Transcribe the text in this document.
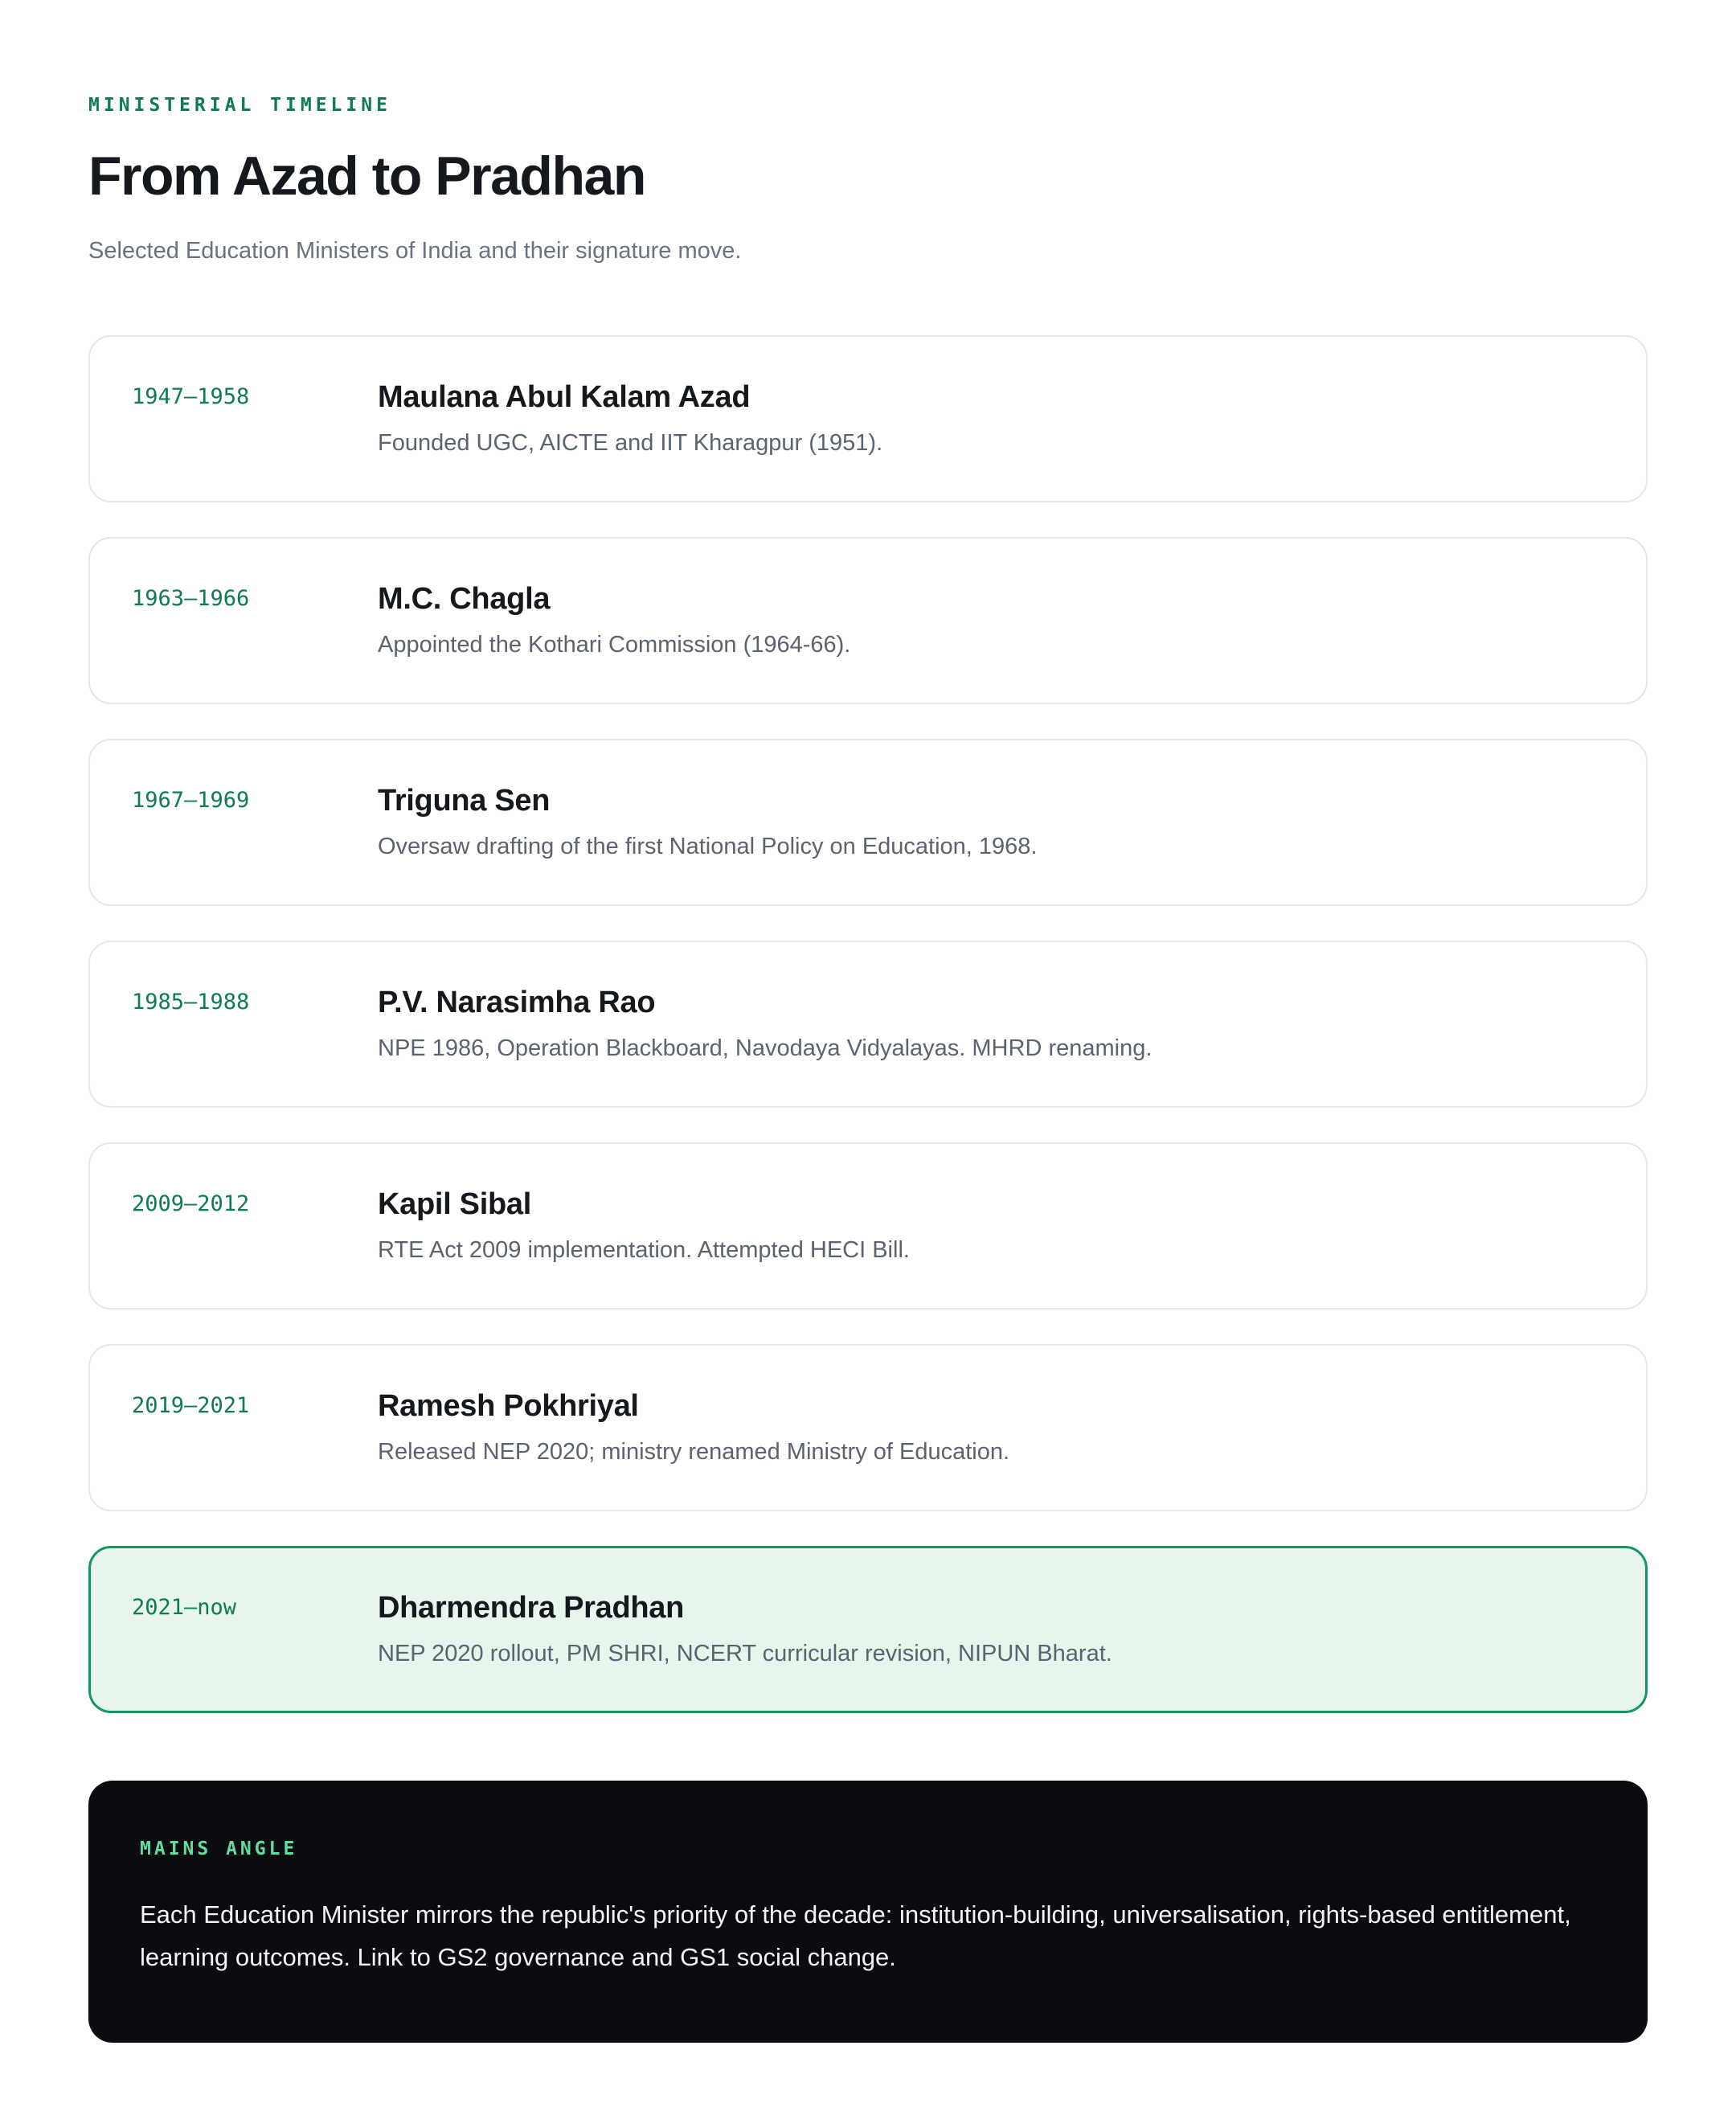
MINISTERIAL TIMELINE
From Azad to Pradhan

Selected Education Ministers of India and their signature move.

1947–1958	Maulana Abul Kalam Azad
Founded UGC, AICTE and IIT Kharagpur (1951).
1963–1966	M.C. Chagla
Appointed the Kothari Commission (1964-66).
1967–1969	Triguna Sen
Oversaw drafting of the first National Policy on Education, 1968.
1985–1988	P.V. Narasimha Rao
NPE 1986, Operation Blackboard, Navodaya Vidyalayas. MHRD renaming.
2009–2012	Kapil Sibal
RTE Act 2009 implementation. Attempted HECI Bill.
2019–2021	Ramesh Pokhriyal
Released NEP 2020; ministry renamed Ministry of Education.
2021–now	Dharmendra Pradhan
NEP 2020 rollout, PM SHRI, NCERT curricular revision, NIPUN Bharat.
MAINS ANGLE
Each Education Minister mirrors the republic's priority of the decade: institution-building, universalisation, rights-based entitlement, learning outcomes. Link to GS2 governance and GS1 social change.
